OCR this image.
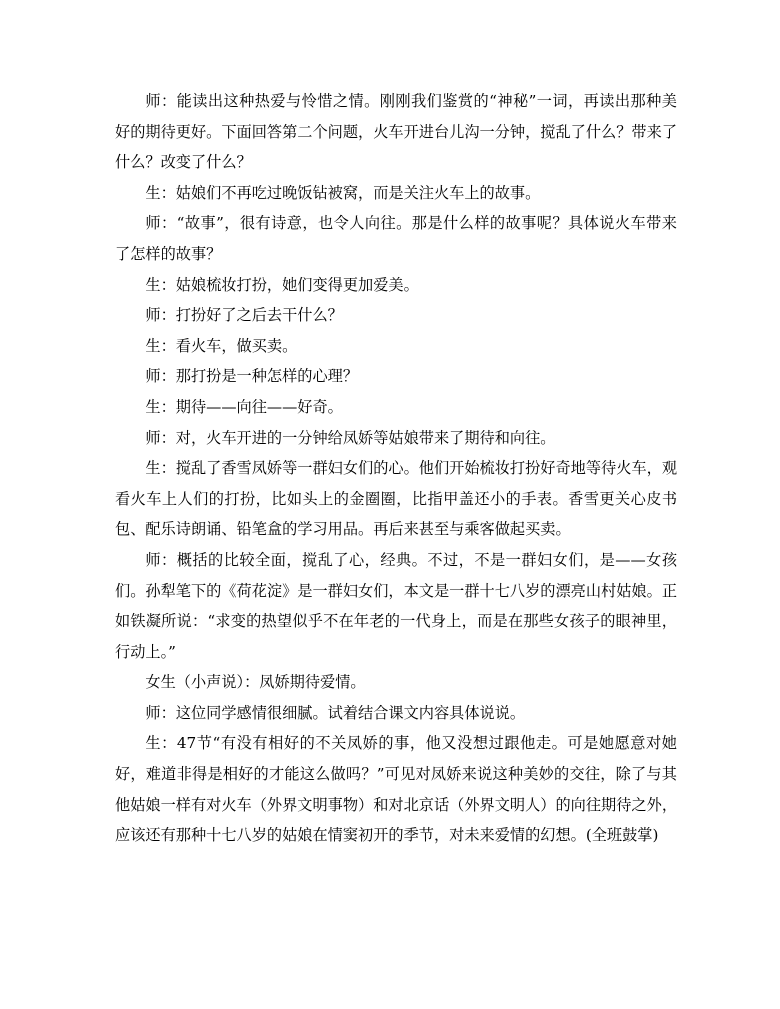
师：能读出这种热爱与怜惜之情。刚刚我们鉴赏的“神秘”一词，再读出那种美好的期待更好。下面回答第二个问题，火车开进台儿沟一分钟，搅乱了什么？带来了什么？改变了什么？

生：姑娘们不再吃过晚饭钻被窝，而是关注火车上的故事。

师：“故事”，很有诗意，也令人向往。那是什么样的故事呢？具体说火车带来了怎样的故事？

生：姑娘梳妆打扮，她们变得更加爱美。

师：打扮好了之后去干什么？

生：看火车，做买卖。

师：那打扮是一种怎样的心理？

生：期待——向往——好奇。

师：对，火车开进的一分钟给凤娇等姑娘带来了期待和向往。

生：搅乱了香雪凤娇等一群妇女们的心。他们开始梳妆打扮好奇地等待火车，观看火车上人们的打扮，比如头上的金圈圈，比指甲盖还小的手表。香雪更关心皮书包、配乐诗朗诵、铅笔盒的学习用品。再后来甚至与乘客做起买卖。

师：概括的比较全面，搅乱了心，经典。不过，不是一群妇女们，是——女孩们。孙犁笔下的《荷花淀》是一群妇女们，本文是一群十七八岁的漂亮山村姑娘。正如铁凝所说：“求变的热望似乎不在年老的一代身上，而是在那些女孩子的眼神里，行动上。”

女生（小声说）：凤娇期待爱情。

师：这位同学感情很细腻。试着结合课文内容具体说说。

生：47节“有没有相好的不关凤娇的事，他又没想过跟他走。可是她愿意对她好，难道非得是相好的才能这么做吗？”可见对凤娇来说这种美妙的交往，除了与其他姑娘一样有对火车（外界文明事物）和对北京话（外界文明人）的向往期待之外，应该还有那种十七八岁的姑娘在情窦初开的季节，对未来爱情的幻想。(全班鼓掌)
